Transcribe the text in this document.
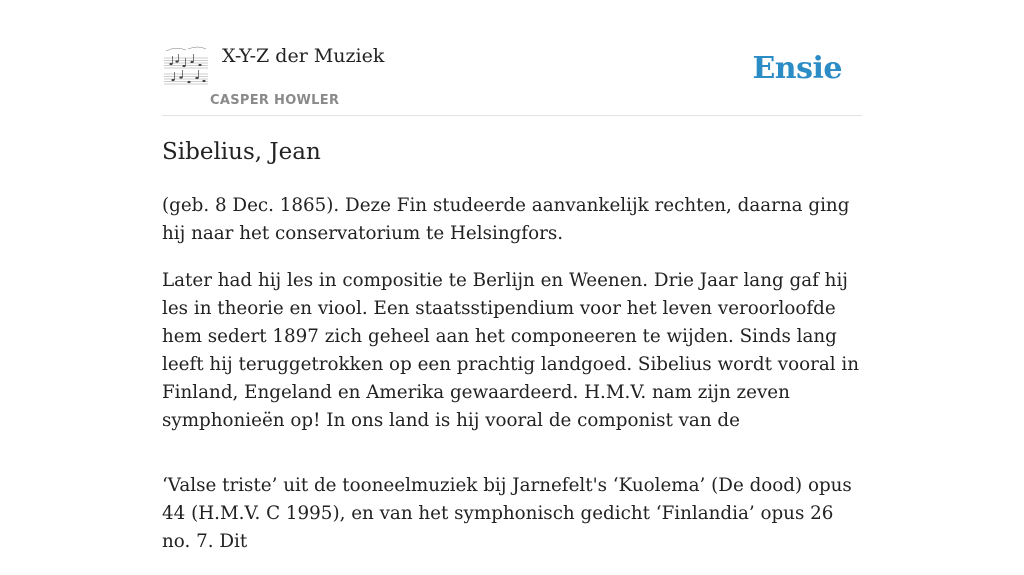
X-Y-Z der Muziek
CASPER HOWLER
Ensie
Sibelius, Jean

(geb. 8 Dec. 1865). Deze Fin studeerde aanvankelijk rechten, daarna ging hij naar het conservatorium te Helsingfors.

Later had hij les in compositie te Berlijn en Weenen. Drie Jaar lang gaf hij les in theorie en viool. Een staatsstipendium voor het leven veroorloofde hem sedert 1897 zich geheel aan het componeeren te wijden. Sinds lang leeft hij teruggetrokken op een prachtig landgoed. Sibelius wordt vooral in Finland, Engeland en Amerika gewaardeerd. H.M.V. nam zijn zeven symphonieën op! In ons land is hij vooral de componist van de

‘Valse triste’ uit de tooneelmuziek bij Jarnefelt's ‘Kuolema’ (De dood) opus 44 (H.M.V. C 1995), en van het symphonisch gedicht ‘Finlandia’ opus 26 no. 7. Dit
